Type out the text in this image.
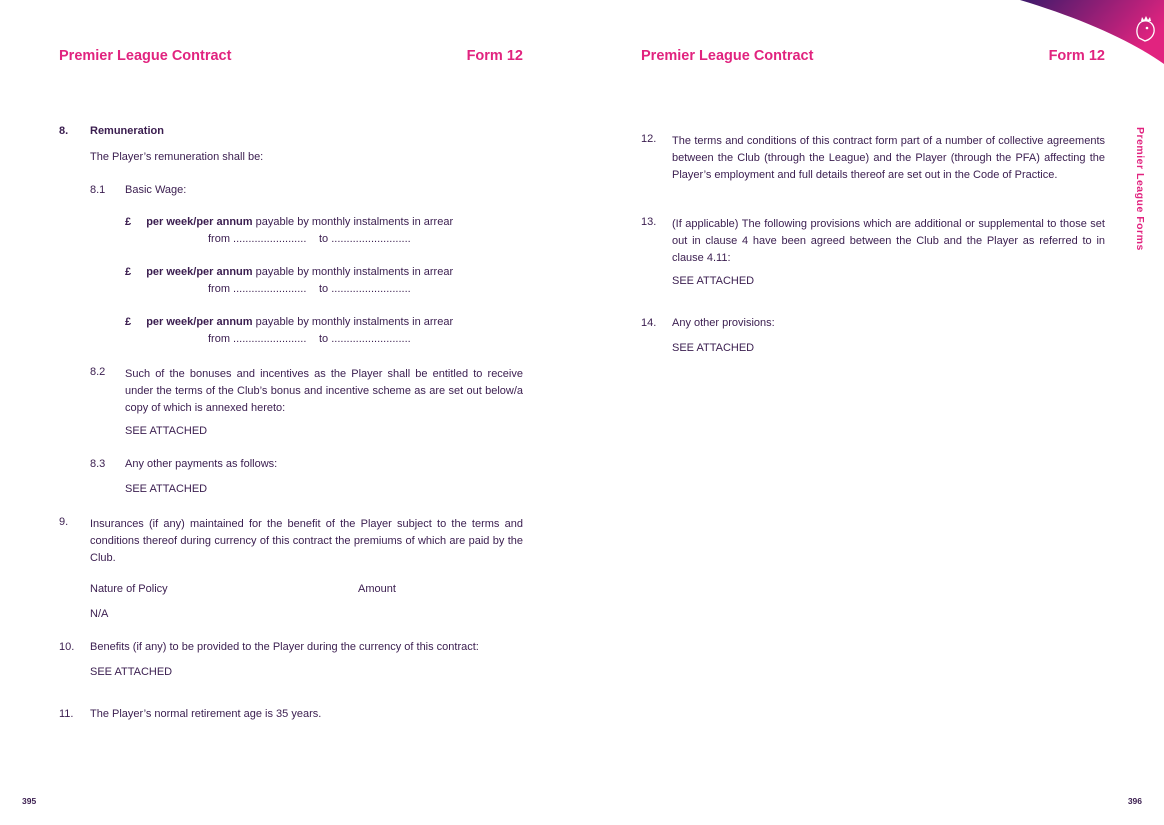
Premier League Contract	Form 12	Premier League Contract	Form 12
8. Remuneration
The Player’s remuneration shall be:
8.1 Basic Wage:
£ per week/per annum payable by monthly instalments in arrear
from ........................ to ..........................
£ per week/per annum payable by monthly instalments in arrear
from ........................ to ..........................
£ per week/per annum payable by monthly instalments in arrear
from ........................ to ..........................
8.2 Such of the bonuses and incentives as the Player shall be entitled to receive under the terms of the Club’s bonus and incentive scheme as are set out below/a copy of which is annexed hereto:
SEE ATTACHED
8.3 Any other payments as follows:
SEE ATTACHED
9. Insurances (if any) maintained for the benefit of the Player subject to the terms and conditions thereof during currency of this contract the premiums of which are paid by the Club.
Nature of Policy	Amount
N/A
10. Benefits (if any) to be provided to the Player during the currency of this contract:
SEE ATTACHED
11. The Player’s normal retirement age is 35 years.
12. The terms and conditions of this contract form part of a number of collective agreements between the Club (through the League) and the Player (through the PFA) affecting the Player’s employment and full details thereof are set out in the Code of Practice.
13. (If applicable) The following provisions which are additional or supplemental to those set out in clause 4 have been agreed between the Club and the Player as referred to in clause 4.11:
SEE ATTACHED
14. Any other provisions:
SEE ATTACHED
Premier League Forms
395	396
